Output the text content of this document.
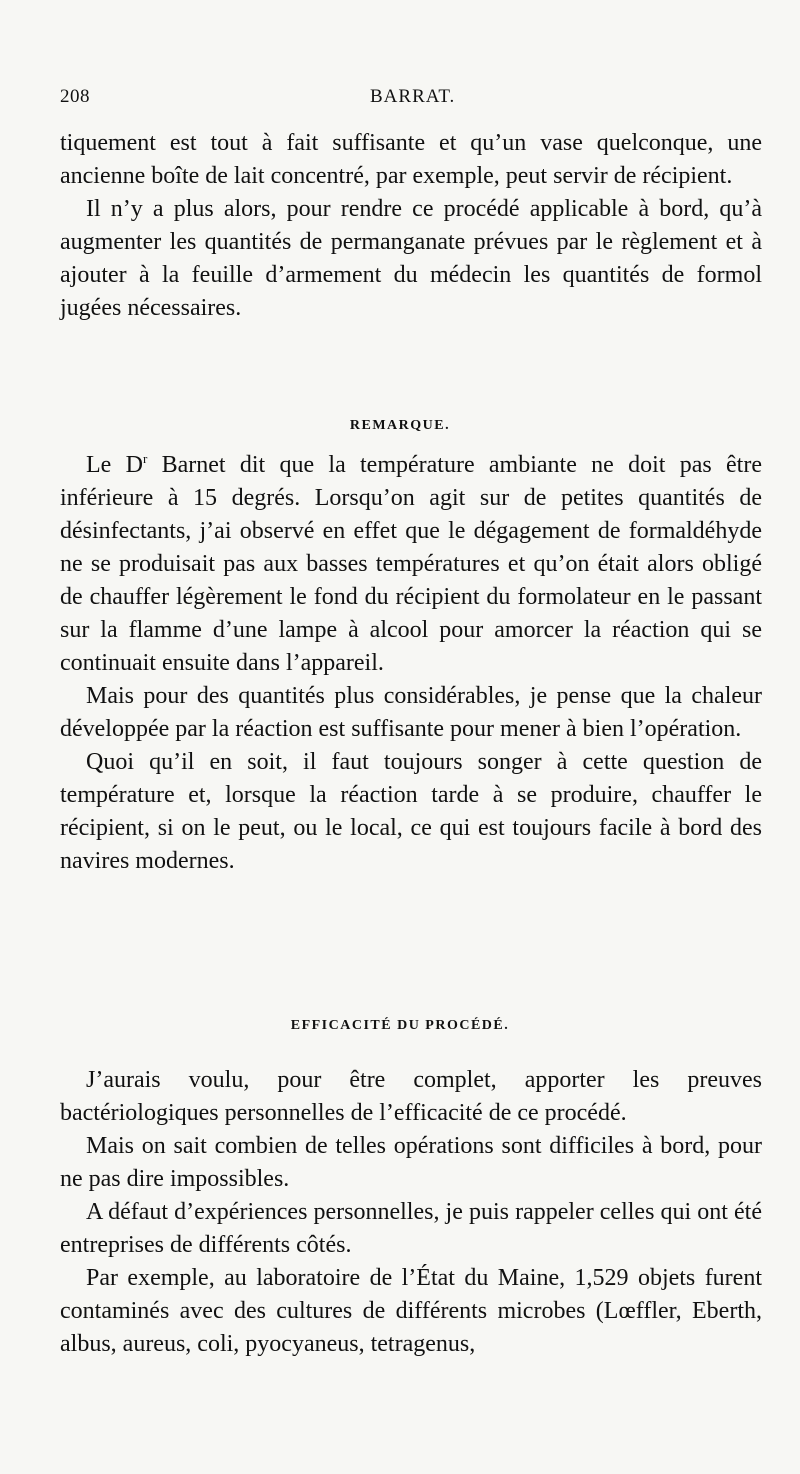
208	BARRAT.

tiquement est tout à fait suffisante et qu’un vase quelconque, une ancienne boîte de lait concentré, par exemple, peut servir de récipient.

Il n’y a plus alors, pour rendre ce procédé applicable à bord, qu’à augmenter les quantités de permanganate prévues par le règlement et à ajouter à la feuille d’armement du médecin les quantités de formol jugées nécessaires.

REMARQUE.

Le $D^r$ Barnet dit que la température ambiante ne doit pas être inférieure à 15 degrés. Lorsqu’on agit sur de petites quantités de désinfectants, j’ai observé en effet que le dégagement de formaldéhyde ne se produisait pas aux basses températures et qu’on était alors obligé de chauffer légèrement le fond du récipient du formolateur en le passant sur la flamme d’une lampe à alcool pour amorcer la réaction qui se continuait ensuite dans l’appareil.

Mais pour des quantités plus considérables, je pense que la chaleur développée par la réaction est suffisante pour mener à bien l’opération.

Quoi qu’il en soit, il faut toujours songer à cette question de température et, lorsque la réaction tarde à se produire, chauffer le récipient, si on le peut, ou le local, ce qui est toujours facile à bord des navires modernes.

EFFICACITÉ DU PROCÉDÉ.

J’aurais voulu, pour être complet, apporter les preuves bactériologiques personnelles de l’efficacité de ce procédé.

Mais on sait combien de telles opérations sont difficiles à bord, pour ne pas dire impossibles.

A défaut d’expériences personnelles, je puis rappeler celles qui ont été entreprises de différents côtés.

Par exemple, au laboratoire de l’État du Maine, 1,529 objets furent contaminés avec des cultures de différents microbes (Lœffler, Eberth, albus, aureus, coli, pyocyaneus, tetragenus,
